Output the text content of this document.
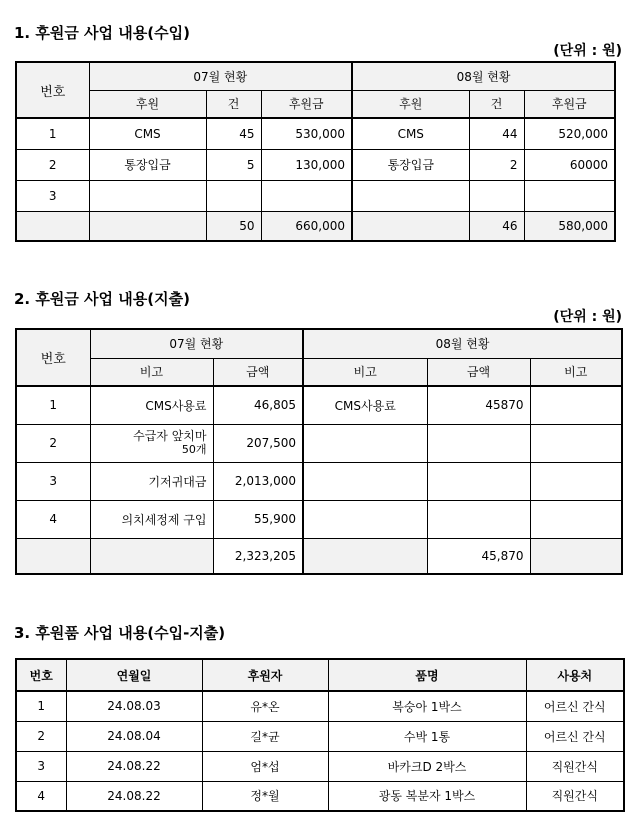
1. 후원금 사업 내용(수입)
(단위 : 원)
번호	07월 현황			08월 현황		
	후원	건	후원금	후원	건	후원금
1	CMS	45	530,000	CMS	44	520,000
2	통장입금	5	130,000	통장입금	2	60000
3						
		50	660,000		46	580,000
2. 후원금 사업 내용(지출)
(단위 : 원)
번호	07월 현황		08월 현황		
	비고	금액	비고	금액	비고
1	CMS사용료	46,805	CMS사용료	45870	
2	수급자 앞치마
50개	207,500			
3	기저귀대금	2,013,000			
4	의치세정제 구입	55,900			
		2,323,205		45,870	
3. 후원품 사업 내용(수입-지출)
번호	연월일	후원자	품명	사용처
1	24.08.03	유*온	복숭아 1박스	어르신 간식
2	24.08.04	길*균	수박 1통	어르신 간식
3	24.08.22	엄*섭	바카크D 2박스	직원간식
4	24.08.22	정*월	광동 복분자 1박스	직원간식
